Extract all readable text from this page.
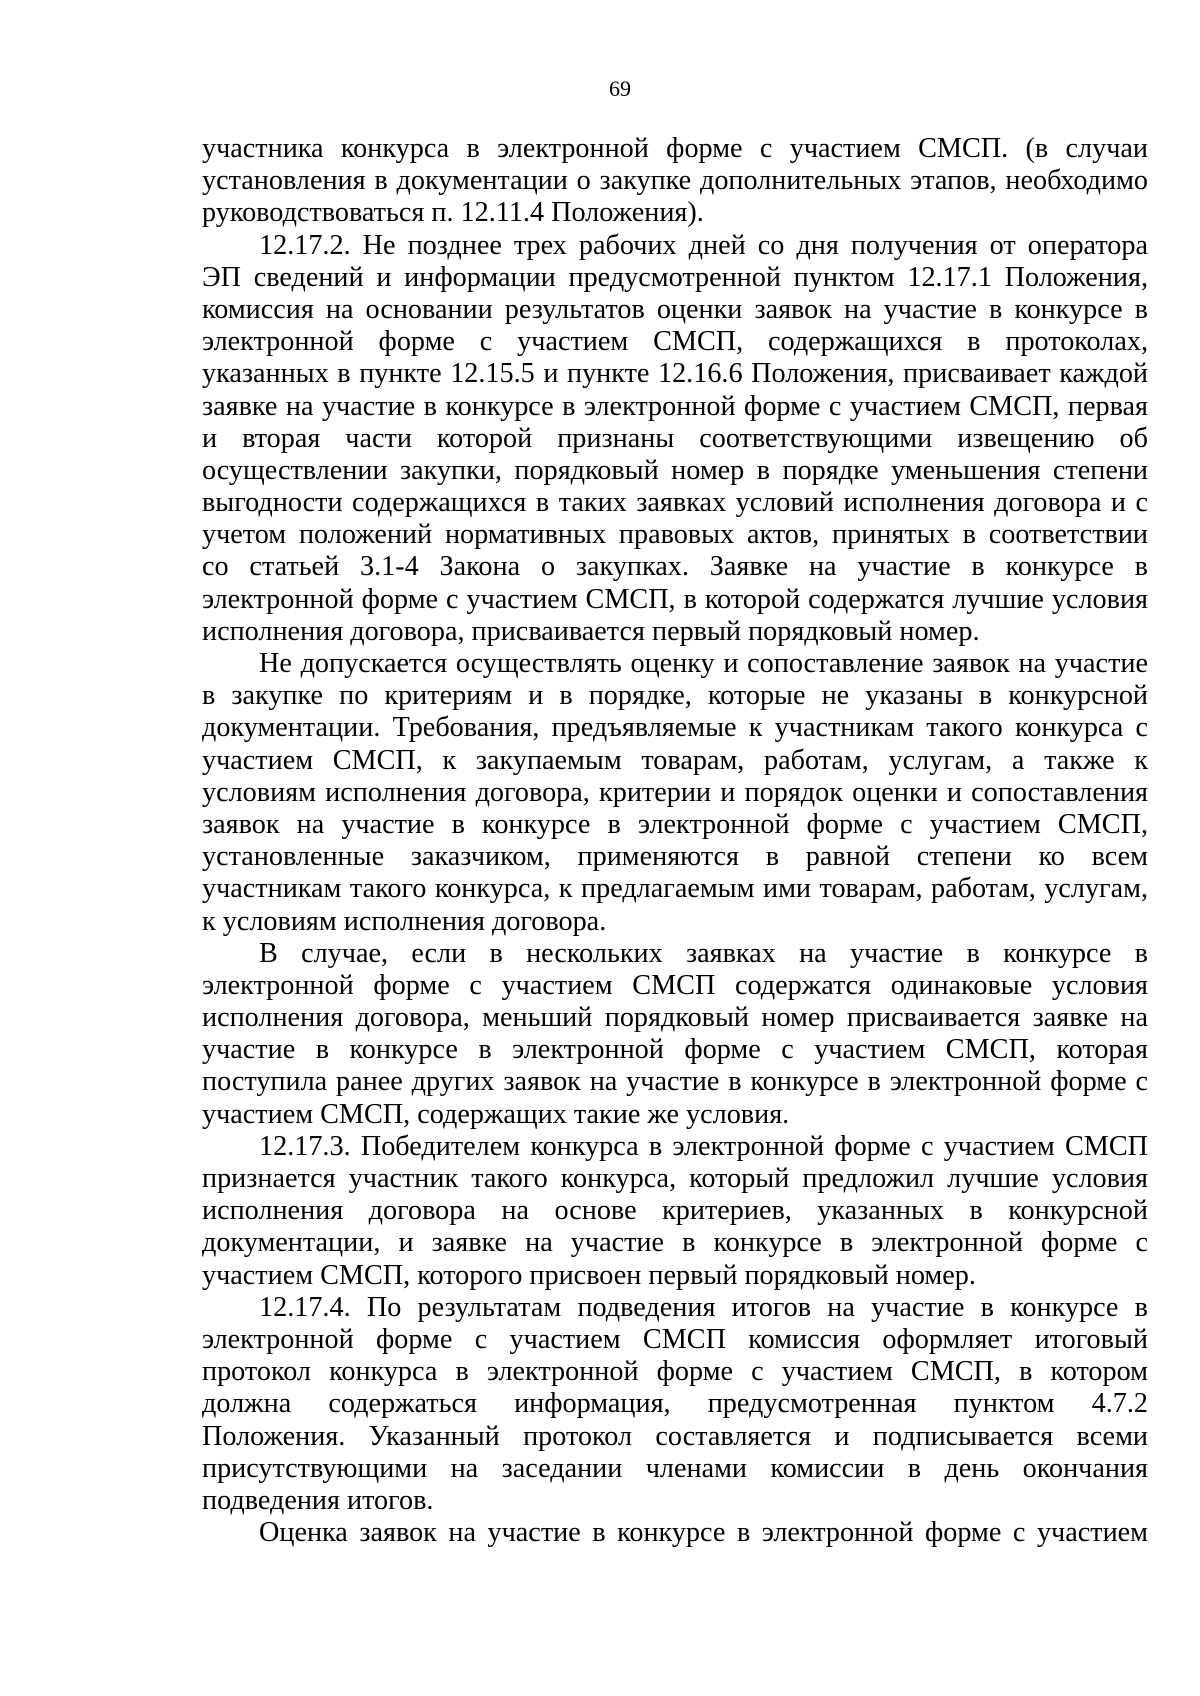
69
участника конкурса в электронной форме с участием СМСП. (в случаи
установления в документации о закупке дополнительных этапов, необходимо
руководствоваться п. 12.11.4 Положения).
12.17.2. Не позднее трех рабочих дней со дня получения от оператора
ЭП сведений и информации предусмотренной пунктом 12.17.1 Положения,
комиссия на основании результатов оценки заявок на участие в конкурсе в
электронной форме с участием СМСП, содержащихся в протоколах,
указанных в пункте 12.15.5 и пункте 12.16.6 Положения, присваивает каждой
заявке на участие в конкурсе в электронной форме с участием СМСП, первая
и вторая части которой признаны соответствующими извещению об
осуществлении закупки, порядковый номер в порядке уменьшения степени
выгодности содержащихся в таких заявках условий исполнения договора и с
учетом положений нормативных правовых актов, принятых в соответствии
со статьей 3.1-4 Закона о закупках. Заявке на участие в конкурсе в
электронной форме с участием СМСП, в которой содержатся лучшие условия
исполнения договора, присваивается первый порядковый номер.
Не допускается осуществлять оценку и сопоставление заявок на участие
в закупке по критериям и в порядке, которые не указаны в конкурсной
документации. Требования, предъявляемые к участникам такого конкурса с
участием СМСП, к закупаемым товарам, работам, услугам, а также к
условиям исполнения договора, критерии и порядок оценки и сопоставления
заявок на участие в конкурсе в электронной форме с участием СМСП,
установленные заказчиком, применяются в равной степени ко всем
участникам такого конкурса, к предлагаемым ими товарам, работам, услугам,
к условиям исполнения договора.
В случае, если в нескольких заявках на участие в конкурсе в
электронной форме с участием СМСП содержатся одинаковые условия
исполнения договора, меньший порядковый номер присваивается заявке на
участие в конкурсе в электронной форме с участием СМСП, которая
поступила ранее других заявок на участие в конкурсе в электронной форме с
участием СМСП, содержащих такие же условия.
12.17.3. Победителем конкурса в электронной форме с участием СМСП
признается участник такого конкурса, который предложил лучшие условия
исполнения договора на основе критериев, указанных в конкурсной
документации, и заявке на участие в конкурсе в электронной форме с
участием СМСП, которого присвоен первый порядковый номер.
12.17.4. По результатам подведения итогов на участие в конкурсе в
электронной форме с участием СМСП комиссия оформляет итоговый
протокол конкурса в электронной форме с участием СМСП, в котором
должна содержаться информация, предусмотренная пунктом 4.7.2
Положения. Указанный протокол составляется и подписывается всеми
присутствующими на заседании членами комиссии в день окончания
подведения итогов.
Оценка заявок на участие в конкурсе в электронной форме с участием
